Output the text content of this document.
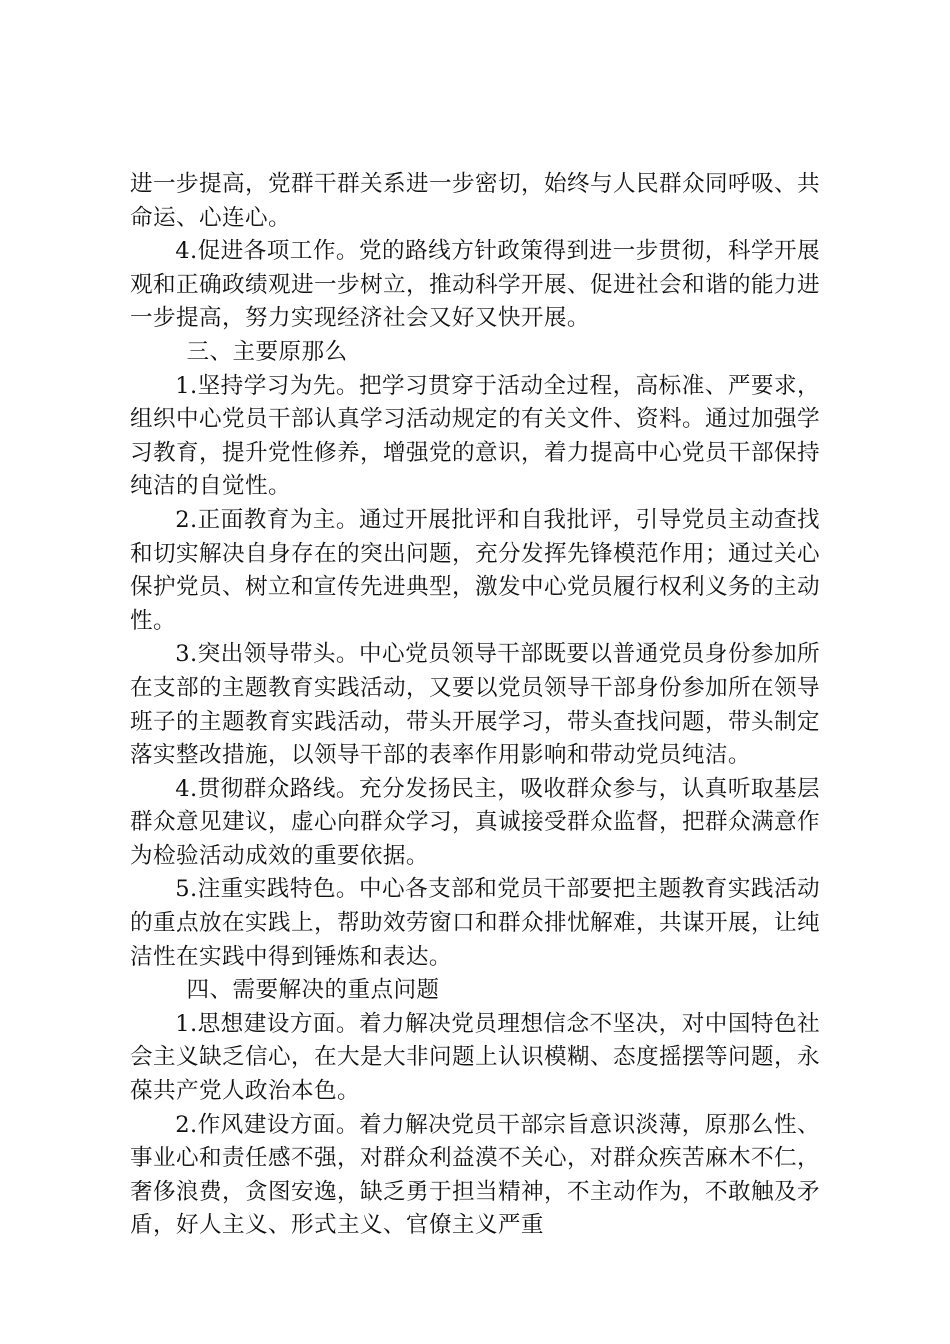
进一步提高，党群干群关系进一步密切，始终与人民群众同呼吸、共命运、心连心。

4.促进各项工作。党的路线方针政策得到进一步贯彻，科学开展观和正确政绩观进一步树立，推动科学开展、促进社会和谐的能力进一步提高，努力实现经济社会又好又快开展。

三、主要原那么

1.坚持学习为先。把学习贯穿于活动全过程，高标准、严要求，组织中心党员干部认真学习活动规定的有关文件、资料。通过加强学习教育，提升党性修养，增强党的意识，着力提高中心党员干部保持纯洁的自觉性。

2.正面教育为主。通过开展批评和自我批评，引导党员主动查找和切实解决自身存在的突出问题，充分发挥先锋模范作用；通过关心保护党员、树立和宣传先进典型，激发中心党员履行权利义务的主动性。

3.突出领导带头。中心党员领导干部既要以普通党员身份参加所在支部的主题教育实践活动，又要以党员领导干部身份参加所在领导班子的主题教育实践活动，带头开展学习，带头查找问题，带头制定落实整改措施，以领导干部的表率作用影响和带动党员纯洁。

4.贯彻群众路线。充分发扬民主，吸收群众参与，认真听取基层群众意见建议，虚心向群众学习，真诚接受群众监督，把群众满意作为检验活动成效的重要依据。

5.注重实践特色。中心各支部和党员干部要把主题教育实践活动的重点放在实践上，帮助效劳窗口和群众排忧解难，共谋开展，让纯洁性在实践中得到锤炼和表达。

四、需要解决的重点问题

1.思想建设方面。着力解决党员理想信念不坚决，对中国特色社会主义缺乏信心，在大是大非问题上认识模糊、态度摇摆等问题，永葆共产党人政治本色。

2.作风建设方面。着力解决党员干部宗旨意识淡薄，原那么性、事业心和责任感不强，对群众利益漠不关心，对群众疾苦麻木不仁，奢侈浪费，贪图安逸，缺乏勇于担当精神，不主动作为，不敢触及矛盾，好人主义、形式主义、官僚主义严重
